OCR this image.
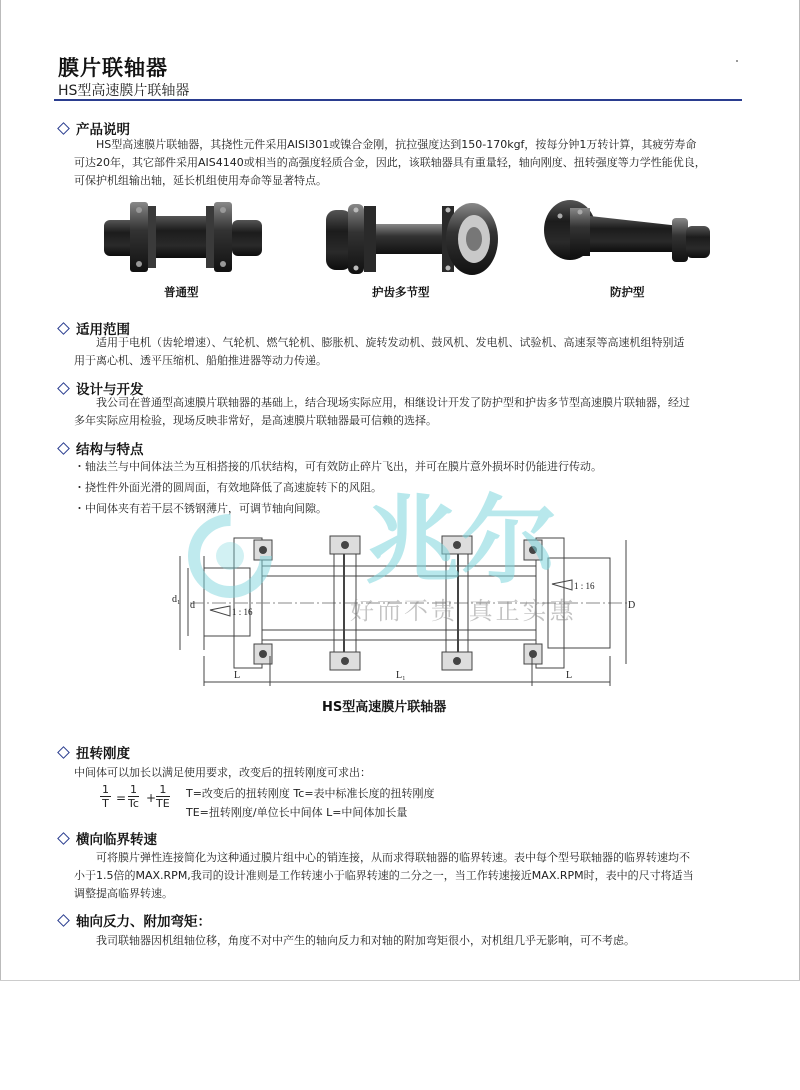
膜片联轴器
HS型高速膜片联轴器
产品说明
HS型高速膜片联轴器，其挠性元件采用AISI301或镍合金刚，抗拉强度达到150-170kgf，按每分钟1万转计算，其疲劳寿命
可达20年，其它部件采用AIS4140或相当的高强度轻质合金，因此，该联轴器具有重量轻，轴向刚度、扭转强度等力学性能优良，
可保护机组输出轴，延长机组使用寿命等显著特点。
普通型	护齿多节型	防护型
适用范围
适用于电机（齿轮增速）、气轮机、燃气轮机、膨胀机、旋转发动机、鼓风机、发电机、试验机、高速泵等高速机组特别适
用于离心机、透平压缩机、船舶推进器等动力传递。
设计与开发
我公司在普通型高速膜片联轴器的基础上，结合现场实际应用，相继设计开发了防护型和护齿多节型高速膜片联轴器，经过
多年实际应用检验，现场反映非常好，是高速膜片联轴器最可信赖的选择。
结构与特点
・轴法兰与中间体法兰为互相搭接的爪状结构，可有效防止碎片飞出，并可在膜片意外损坏时仍能进行传动。
・挠性件外面光滑的圆周面，有效地降低了高速旋转下的风阻。
・中间体夹有若干层不锈钢薄片，可调节轴向间隙。
L	L₁	L
d
d₁
D
1 : 16
1 : 16
兆尔
好而不贵 真正实惠
HS型高速膜片联轴器
扭转刚度
中间体可以加长以满足使用要求，改变后的扭转刚度可求出：
$\frac{1}{T} = \frac{1}{Tc} + \frac{1}{TE} T=$改变后的扭转刚度 Tc=表中标准长度的扭转刚度
TE=扭转刚度/单位长中间体 L=中间体加长量
横向临界转速
可将膜片弹性连接简化为这种通过膜片组中心的销连接，从而求得联轴器的临界转速。表中每个型号联轴器的临界转速均不
小于1.5倍的MAX.RPM,我司的设计准则是工作转速小于临界转速的二分之一，当工作转速接近MAX.RPM时，表中的尺寸将适当
调整提高临界转速。
轴向反力、附加弯矩：
我司联轴器因机组轴位移，角度不对中产生的轴向反力和对轴的附加弯矩很小，对机组几乎无影响，可不考虑。
